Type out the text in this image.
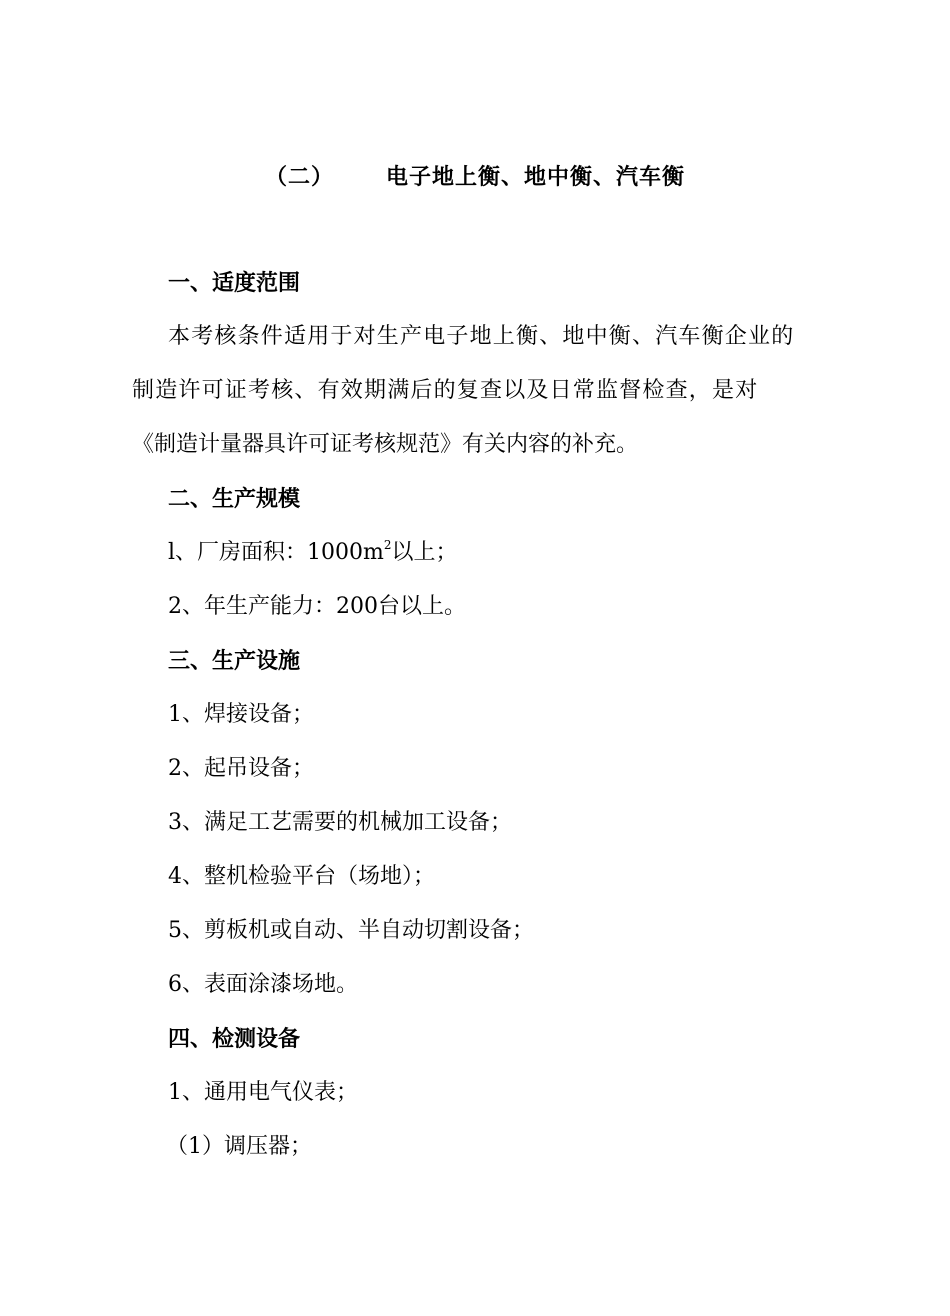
（二） 电子地上衡、地中衡、汽车衡
一、适度范围
本考核条件适用于对生产电子地上衡、地中衡、汽车衡企业的
制造许可证考核、有效期满后的复查以及日常监督检查，是对
《制造计量器具许可证考核规范》有关内容的补充。
二、生产规模
l、厂房面积：$1000m^2$以上；
2、年生产能力：200台以上。
三、生产设施
1、焊接设备；
2、起吊设备；
3、满足工艺需要的机械加工设备；
4、整机检验平台（场地）；
5、剪板机或自动、半自动切割设备；
6、表面涂漆场地。
四、检测设备
1、通用电气仪表；
（1）调压器；
